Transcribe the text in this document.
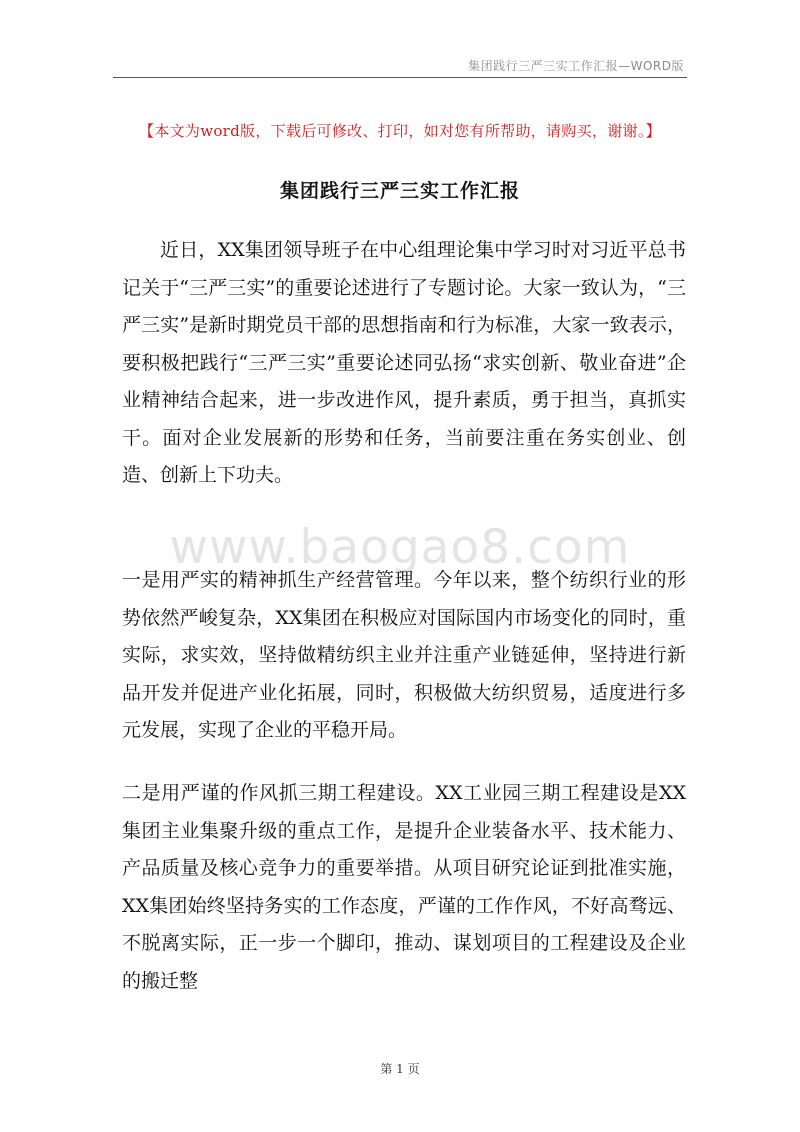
集团践行三严三实工作汇报—WORD版
【本文为word版，下载后可修改、打印，如对您有所帮助，请购买，谢谢。】
集团践行三严三实工作汇报

近日，XX集团领导班子在中心组理论集中学习时对习近平总书记关于“三严三实”的重要论述进行了专题讨论。大家一致认为，“三严三实”是新时期党员干部的思想指南和行为标准，大家一致表示，要积极把践行“三严三实”重要论述同弘扬“求实创新、敬业奋进”企业精神结合起来，进一步改进作风，提升素质，勇于担当，真抓实干。面对企业发展新的形势和任务，当前要注重在务实创业、创造、创新上下功夫。

www.baogao8.com

一是用严实的精神抓生产经营管理。今年以来，整个纺织行业的形势依然严峻复杂，XX集团在积极应对国际国内市场变化的同时，重实际，求实效，坚持做精纺织主业并注重产业链延伸，坚持进行新品开发并促进产业化拓展，同时，积极做大纺织贸易，适度进行多元发展，实现了企业的平稳开局。

二是用严谨的作风抓三期工程建设。XX工业园三期工程建设是XX集团主业集聚升级的重点工作，是提升企业装备水平、技术能力、产品质量及核心竞争力的重要举措。从项目研究论证到批准实施，XX集团始终坚持务实的工作态度，严谨的工作作风，不好高骛远、不脱离实际，正一步一个脚印，推动、谋划项目的工程建设及企业的搬迁整

第 1 页
